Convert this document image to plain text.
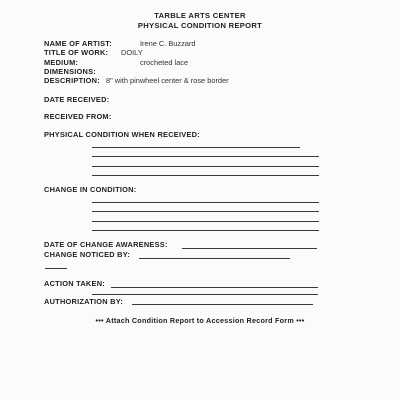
TARBLE ARTS CENTER
PHYSICAL CONDITION REPORT
NAME OF ARTIST:	Irene C. Buzzard
TITLE OF WORK: DOILY
MEDIUM:	crocheted lace
DIMENSIONS:
DESCRIPTION: 8" with pinwheel center & rose border
DATE RECEIVED:
RECEIVED FROM:
PHYSICAL CONDITION WHEN RECEIVED:
CHANGE IN CONDITION:
DATE OF CHANGE AWARENESS:
CHANGE NOTICED BY:
ACTION TAKEN:
AUTHORIZATION BY:
••• Attach Condition Report to Accession Record Form •••
